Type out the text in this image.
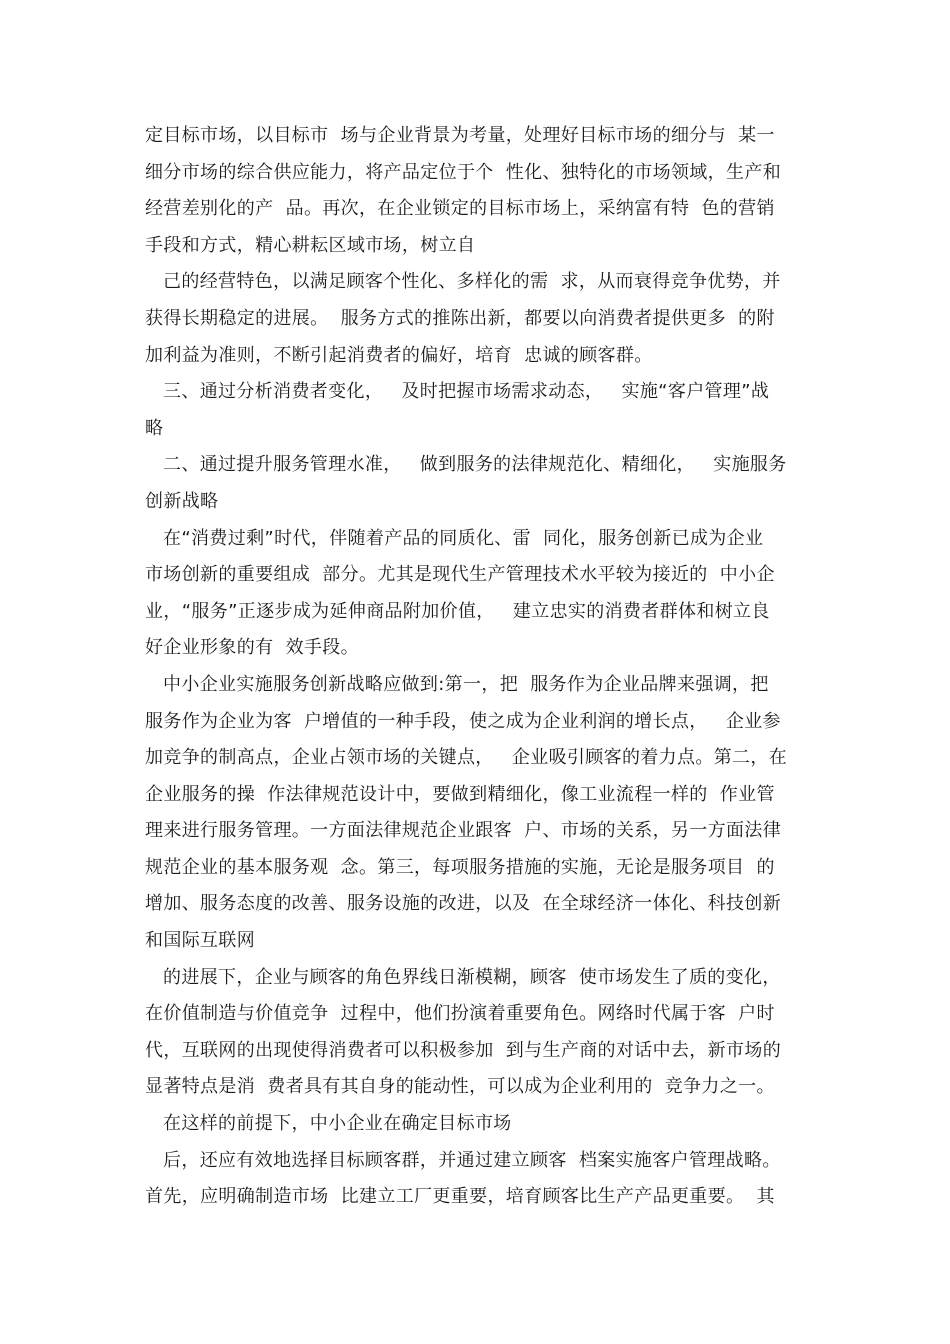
定目标市场，以目标市  场与企业背景为考量，处理好目标市场的细分与  某一
细分市场的综合供应能力，将产品定位于个  性化、独特化的市场领域，生产和
经营差别化的产  品。再次，在企业锁定的目标市场上，采纳富有特  色的营销
手段和方式，精心耕耘区域市场，树立自
己的经营特色，以满足顾客个性化、多样化的需  求，从而衰得竞争优势，并
获得长期稳定的进展。  服务方式的推陈出新，都要以向消费者提供更多  的附
加利益为准则，不断引起消费者的偏好，培育  忠诚的顾客群。
三、通过分析消费者变化，   及时把握市场需求动态，   实施“客户管理”战
略
二、通过提升服务管理水准，   做到服务的法律规范化、精细化，   实施服务
创新战略
在“消费过剩”时代，伴随着产品的同质化、雷  同化，服务创新已成为企业
市场创新的重要组成  部分。尤其是现代生产管理技术水平较为接近的  中小企
业，“服务”正逐步成为延伸商品附加价值，   建立忠实的消费者群体和树立良
好企业形象的有  效手段。
中小企业实施服务创新战略应做到:第一，把  服务作为企业品牌来强调，把
服务作为企业为客  户增值的一种手段，使之成为企业利润的增长点，   企业参
加竞争的制高点，企业占领市场的关键点，   企业吸引顾客的着力点。第二，在
企业服务的操  作法律规范设计中，要做到精细化，像工业流程一样的  作业管
理来进行服务管理。一方面法律规范企业跟客  户、市场的关系，另一方面法律
规范企业的基本服务观  念。第三，每项服务措施的实施，无论是服务项目  的
增加、服务态度的改善、服务设施的改进，以及  在全球经济一体化、科技创新
和国际互联网
的进展下，企业与顾客的角色界线日渐模糊，顾客  使市场发生了质的变化，
在价值制造与价值竞争  过程中，他们扮演着重要角色。网络时代属于客  户时
代，互联网的出现使得消费者可以积极参加  到与生产商的对话中去，新市场的
显著特点是消  费者具有其自身的能动性，可以成为企业利用的  竞争力之一。
在这样的前提下，中小企业在确定目标市场
后，还应有效地选择目标顾客群，并通过建立顾客  档案实施客户管理战略。
首先，应明确制造市场  比建立工厂更重要，培育顾客比生产产品更重要。  其
